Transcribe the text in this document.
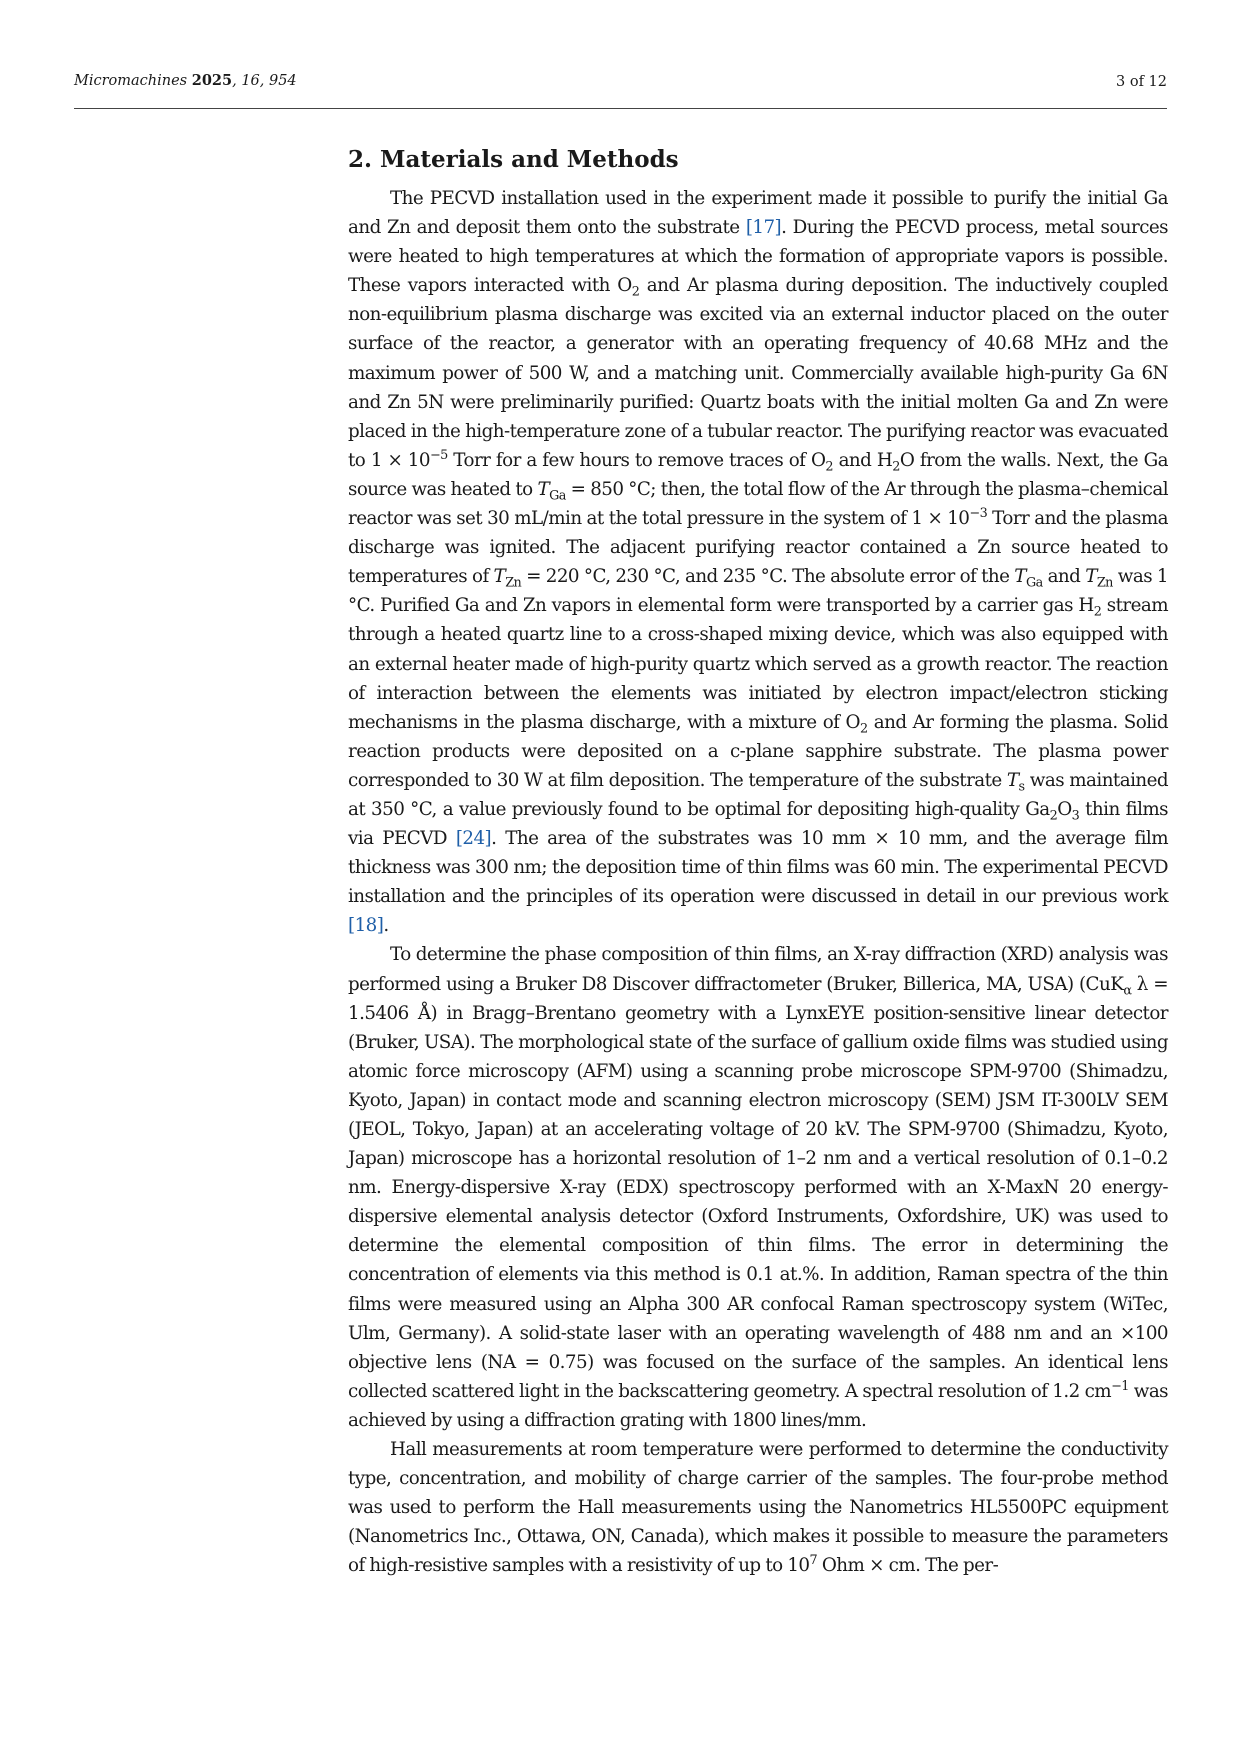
Micromachines 2025, 16, 954	3 of 12
2. Materials and Methods

The PECVD installation used in the experiment made it possible to purify the initial Ga and Zn and deposit them onto the substrate [17]. During the PECVD process, metal sources were heated to high temperatures at which the formation of appropriate vapors is possible. These vapors interacted with $O_2$ and Ar plasma during deposition. The inductively coupled non-equilibrium plasma discharge was excited via an external inductor placed on the outer surface of the reactor, a generator with an operating frequency of 40.68 MHz and the maximum power of 500 W, and a matching unit. Commercially available high-purity Ga 6N and Zn 5N were preliminarily purified: Quartz boats with the initial molten Ga and Zn were placed in the high-temperature zone of a tubular reactor. The purifying reactor was evacuated to $1 \times 10^{-5}$ Torr for a few hours to remove traces of $O_2$ and $H_2O$ from the walls. Next, the Ga source was heated to $T_{Ga} = 850$ °C; then, the total flow of the Ar through the plasma–chemical reactor was set 30 mL/min at the total pressure in the system of $1 \times 10^{-3}$ Torr and the plasma discharge was ignited. The adjacent purifying reactor contained a Zn source heated to temperatures of $T_{Zn} = 220$ °C, 230 °C, and 235 °C. The absolute error of the $T_{Ga}$ and $T_{Zn}$ was 1 °C. Purified Ga and Zn vapors in elemental form were transported by a carrier gas $H_2$ stream through a heated quartz line to a cross-shaped mixing device, which was also equipped with an external heater made of high-purity quartz which served as a growth reactor. The reaction of interaction between the elements was initiated by electron impact/electron sticking mechanisms in the plasma discharge, with a mixture of $O_2$ and Ar forming the plasma. Solid reaction products were deposited on a c-plane sapphire substrate. The plasma power corresponded to 30 W at film deposition. The temperature of the substrate $T_s$ was maintained at 350 °C, a value previously found to be optimal for depositing high-quality $Ga_2O_3$ thin films via PECVD [24]. The area of the substrates was 10 mm × 10 mm, and the average film thickness was 300 nm; the deposition time of thin films was 60 min. The experimental PECVD installation and the principles of its operation were discussed in detail in our previous work [18].

To determine the phase composition of thin films, an X-ray diffraction (XRD) analysis was performed using a Bruker D8 Discover diffractometer (Bruker, Billerica, MA, USA) (CuK$_\alpha$ λ = 1.5406 Å) in Bragg–Brentano geometry with a LynxEYE position-sensitive linear detector (Bruker, USA). The morphological state of the surface of gallium oxide films was studied using atomic force microscopy (AFM) using a scanning probe microscope SPM-9700 (Shimadzu, Kyoto, Japan) in contact mode and scanning electron microscopy (SEM) JSM IT-300LV SEM (JEOL, Tokyo, Japan) at an accelerating voltage of 20 kV. The SPM-9700 (Shimadzu, Kyoto, Japan) microscope has a horizontal resolution of 1–2 nm and a vertical resolution of 0.1–0.2 nm. Energy-dispersive X-ray (EDX) spectroscopy performed with an X-MaxN 20 energy-dispersive elemental analysis detector (Oxford Instruments, Oxfordshire, UK) was used to determine the elemental composition of thin films. The error in determining the concentration of elements via this method is 0.1 at.%. In addition, Raman spectra of the thin films were measured using an Alpha 300 AR confocal Raman spectroscopy system (WiTec, Ulm, Germany). A solid-state laser with an operating wavelength of 488 nm and an ×100 objective lens (NA = 0.75) was focused on the surface of the samples. An identical lens collected scattered light in the backscattering geometry. A spectral resolution of 1.2 $cm^{-1}$ was achieved by using a diffraction grating with 1800 lines/mm.

Hall measurements at room temperature were performed to determine the conductivity type, concentration, and mobility of charge carrier of the samples. The four-probe method was used to perform the Hall measurements using the Nanometrics HL5500PC equipment (Nanometrics Inc., Ottawa, ON, Canada), which makes it possible to measure the parameters of high-resistive samples with a resistivity of up to $10^7$ Ohm × cm. The per-
